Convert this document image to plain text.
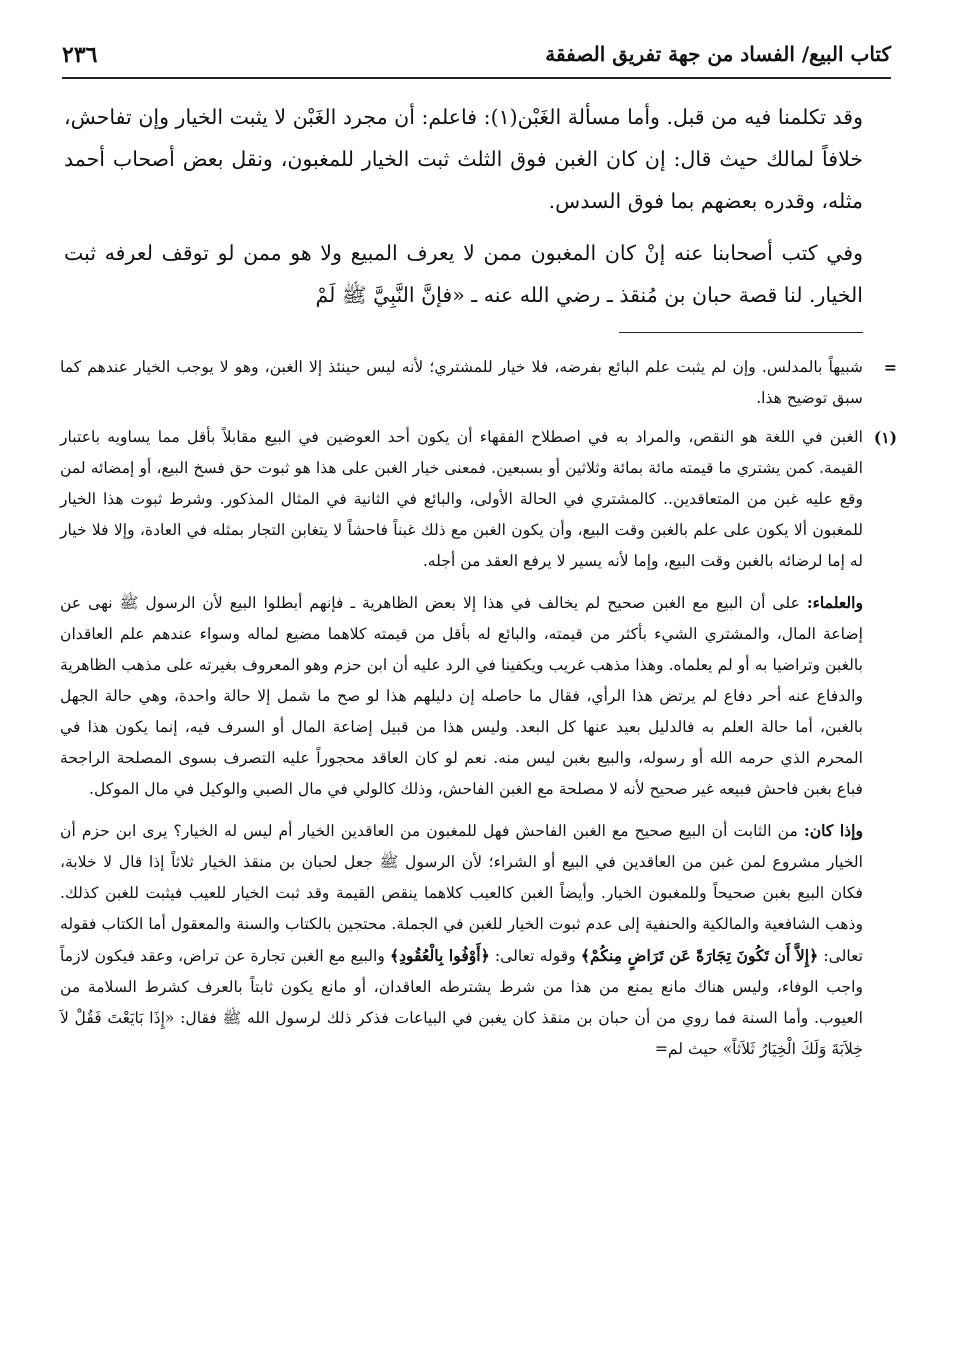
كتاب البيع/ الفساد من جهة تفريق الصفقة
٢٣٦

وقد تكلمنا فيه من قبل. وأما مسألة الغَبْن(١): فاعلم: أن مجرد الغَبْن لا يثبت الخيار وإن تفاحش، خلافاً لمالك حيث قال: إن كان الغبن فوق الثلث ثبت الخيار للمغبون، ونقل بعض أصحاب أحمد مثله، وقدره بعضهم بما فوق السدس.

وفي كتب أصحابنا عنه إنْ كان المغبون ممن لا يعرف المبيع ولا هو ممن لو توقف لعرفه ثبت الخيار. لنا قصة حبان بن مُنقذ ـ رضي الله عنه ـ «فإنَّ النَّبِيَّ ﷺ لَمْ

=

شبيهاً بالمدلس. وإن لم يثبت علم البائع بفرضه، فلا خيار للمشتري؛ لأنه ليس حينئذ إلا الغبن، وهو لا يوجب الخيار عندهم كما سبق توضيح هذا.

(١)

الغبن في اللغة هو النقص، والمراد به في اصطلاح الفقهاء أن يكون أحد العوضين في البيع مقابلاً بأقل مما يساويه باعتبار القيمة. كمن يشتري ما قيمته مائة بمائة وثلاثين أو بسبعين. فمعنى خيار الغبن على هذا هو ثبوت حق فسخ البيع، أو إمضائه لمن وقع عليه غبن من المتعاقدين.. كالمشتري في الحالة الأولى، والبائع في الثانية في المثال المذكور. وشرط ثبوت هذا الخيار للمغبون ألا يكون على علم بالغبن وقت البيع، وأن يكون الغبن مع ذلك غبناً فاحشاً لا يتغابن التجار بمثله في العادة، وإلا فلا خيار له إما لرضائه بالغبن وقت البيع، وإما لأنه يسير لا يرفع العقد من أجله.

والعلماء: على أن البيع مع الغبن صحيح لم يخالف في هذا إلا بعض الظاهرية ـ فإنهم أبطلوا البيع لأن الرسول ﷺ نهى عن إضاعة المال، والمشتري الشيء بأكثر من قيمته، والبائع له بأقل من قيمته كلاهما مضيع لماله وسواء عندهم علم العاقدان بالغبن وتراضيا به أو لم يعلماه. وهذا مذهب غريب ويكفينا في الرد عليه أن ابن حزم وهو المعروف بغيرته على مذهب الظاهرية والدفاع عنه أحر دفاع لم يرتض هذا الرأي، فقال ما حاصله إن دليلهم هذا لو صح ما شمل إلا حالة واحدة، وهي حالة الجهل بالغبن، أما حالة العلم به فالدليل بعيد عنها كل البعد. وليس هذا من قبيل إضاعة المال أو السرف فيه، إنما يكون هذا في المحرم الذي حرمه الله أو رسوله، والبيع بغبن ليس منه. نعم لو كان العاقد محجوراً عليه التصرف بسوى المصلحة الراجحة فباع بغبن فاحش فبيعه غير صحيح لأنه لا مصلحة مع الغبن الفاحش، وذلك كالولي في مال الصبي والوكيل في مال الموكل.

وإذا كان: من الثابت أن البيع صحيح مع الغبن الفاحش فهل للمغبون من العاقدين الخيار أم ليس له الخيار؟ يرى ابن حزم أن الخيار مشروع لمن غبن من العاقدين في البيع أو الشراء؛ لأن الرسول ﷺ جعل لحبان بن منقذ الخيار ثلاثاً إذا قال لا خلابة، فكان البيع بغبن صحيحاً وللمغبون الخيار. وأيضاً الغبن كالعيب كلاهما ينقص القيمة وقد ثبت الخيار للعيب فيثبت للغبن كذلك. وذهب الشافعية والمالكية والحنفية إلى عدم ثبوت الخيار للغبن في الجملة. محتجين بالكتاب والسنة والمعقول أما الكتاب فقوله تعالى: ﴿إِلاَّ أَن تَكُونَ تِجَارَةً عَن تَرَاضٍ مِنكُمْ﴾ وقوله تعالى: ﴿أَوْفُوا بِالْعُقُودِ﴾ والبيع مع الغبن تجارة عن تراض، وعقد فيكون لازماً واجب الوفاء، وليس هناك مانع يمنع من هذا من شرط يشترطه العاقدان، أو مانع يكون ثابتاً بالعرف كشرط السلامة من العيوب. وأما السنة فما روي من أن حبان بن منقذ كان يغبن في البياعات فذكر ذلك لرسول الله ﷺ فقال: «إِذَا بَايَعْتَ فَقُلْ لاَ خِلاَبَةَ وَلَكَ الْخِيَارُ ثَلاَثاً» حيث لم=
